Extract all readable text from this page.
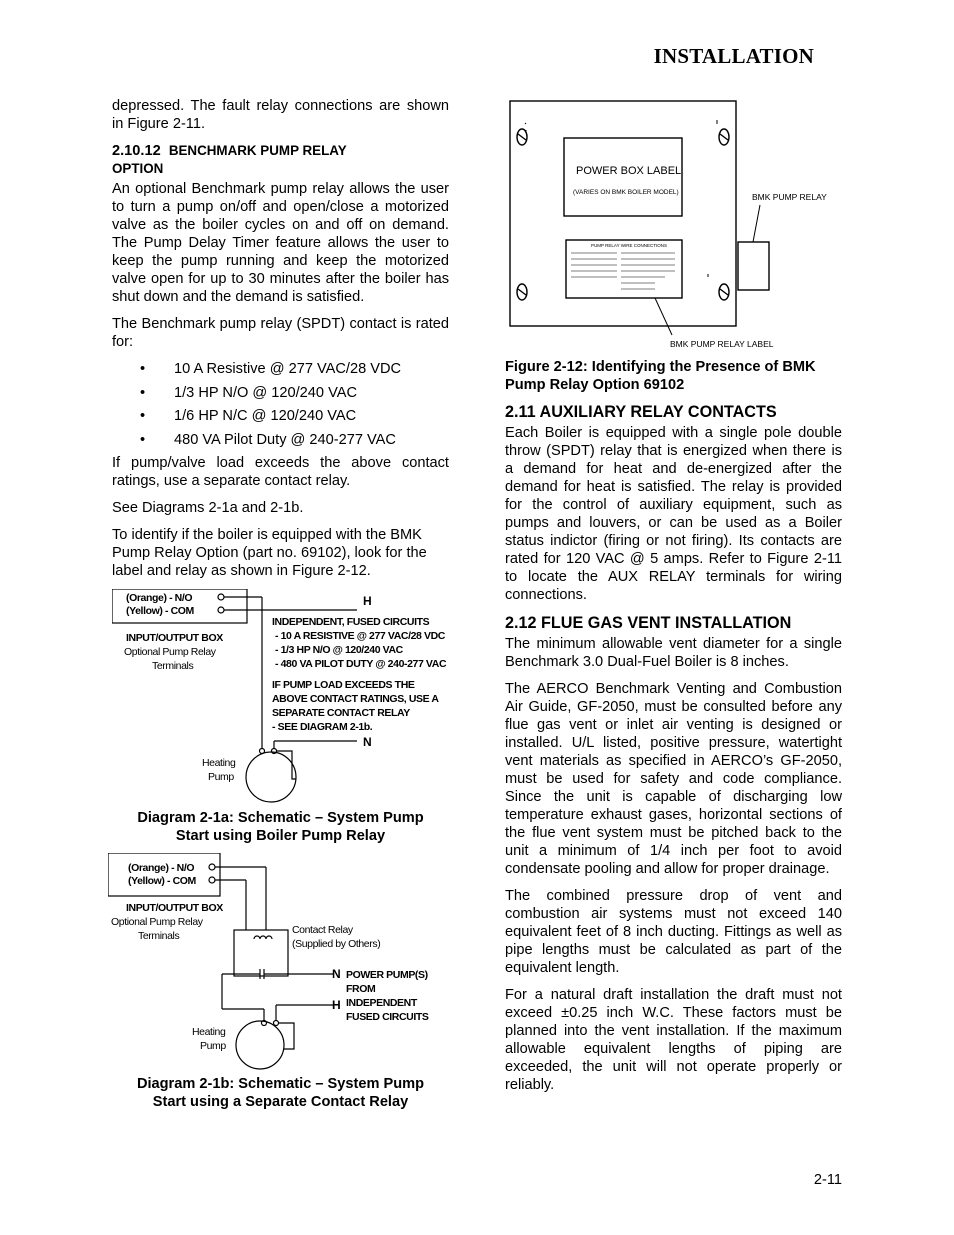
INSTALLATION

depressed. The fault relay connections are shown in Figure 2-11.

2.10.12 BENCHMARK PUMP RELAY
OPTION

An optional Benchmark pump relay allows the user to turn a pump on/off and open/close a motorized valve as the boiler cycles on and off on demand. The Pump Delay Timer feature allows the user to keep the pump running and keep the motorized valve open for up to 30 minutes after the boiler has shut down and the demand is satisfied.

The Benchmark pump relay (SPDT) contact is rated for:

• 10 A Resistive @ 277 VAC/28 VDC
• 1/3 HP N/O @ 120/240 VAC
• 1/6 HP N/C @ 120/240 VAC
• 480 VA Pilot Duty @ 240-277 VAC

If pump/valve load exceeds the above contact ratings, use a separate contact relay.

See Diagrams 2-1a and 2-1b.

To identify if the boiler is equipped with the BMK Pump Relay Option (part no. 69102), look for the label and relay as shown in Figure 2-12.

(Orange) - N/O
(Yellow) - COM
INPUT/OUTPUT BOX
Optional Pump Relay
Terminals
H
INDEPENDENT, FUSED CIRCUITS
- 10 A RESISTIVE @ 277 VAC/28 VDC
- 1/3 HP N/O @ 120/240 VAC
- 480 VA PILOT DUTY @ 240-277 VAC
IF PUMP LOAD EXCEEDS THE
ABOVE CONTACT RATINGS, USE A
SEPARATE CONTACT RELAY
- SEE DIAGRAM 2-1b.
N
Heating
Pump
Diagram 2-1a: Schematic – System Pump
Start using Boiler Pump Relay
(Orange) - N/O
(Yellow) - COM
INPUT/OUTPUT BOX
Optional Pump Relay
Terminals	Contact Relay
(Supplied by Others)
N POWER PUMP(S)
FROM
H INDEPENDENT
FUSED CIRCUITS
Heating
Pump
Diagram 2-1b: Schematic – System Pump
Start using a Separate Contact Relay
POWER BOX LABEL
(VARIES ON BMK BOILER MODEL)
PUMP RELAY WIRE CONNECTIONS
BMK PUMP RELAY
BMK PUMP RELAY LABEL
Figure 2-12: Identifying the Presence of BMK Pump Relay Option 69102
2.11 AUXILIARY RELAY CONTACTS

Each Boiler is equipped with a single pole double throw (SPDT) relay that is energized when there is a demand for heat and de-energized after the demand for heat is satisfied. The relay is provided for the control of auxiliary equipment, such as pumps and louvers, or can be used as a Boiler status indictor (firing or not firing). Its contacts are rated for 120 VAC @ 5 amps. Refer to Figure 2-11 to locate the AUX RELAY terminals for wiring connections.

2.12 FLUE GAS VENT INSTALLATION

The minimum allowable vent diameter for a single Benchmark 3.0 Dual-Fuel Boiler is 8 inches.

The AERCO Benchmark Venting and Combustion Air Guide, GF-2050, must be consulted before any flue gas vent or inlet air venting is designed or installed. U/L listed, positive pressure, watertight vent materials as specified in AERCO’s GF-2050, must be used for safety and code compliance. Since the unit is capable of discharging low temperature exhaust gases, horizontal sections of the flue vent system must be pitched back to the unit a minimum of 1/4 inch per foot to avoid condensate pooling and allow for proper drainage.

The combined pressure drop of vent and combustion air systems must not exceed 140 equivalent feet of 8 inch ducting. Fittings as well as pipe lengths must be calculated as part of the equivalent length.

For a natural draft installation the draft must not exceed ±0.25 inch W.C. These factors must be planned into the vent installation. If the maximum allowable equivalent lengths of piping are exceeded, the unit will not operate properly or reliably.

2-11
